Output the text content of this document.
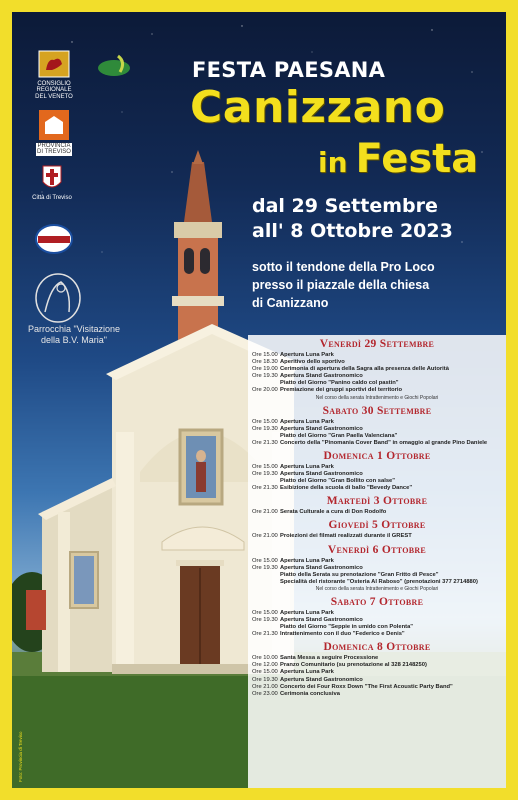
CONSIGLIO REGIONALE DEL VENETO
PROVINCIA DI TREVISO
Città di Treviso
Parrocchia "Visitazione della B.V. Maria"
FESTA PAESANA
Canizzano
in Festa
dal 29 Settembre
all' 8 Ottobre 2023
sotto il tendone della Pro Loco
presso il piazzale della chiesa
di Canizzano
Venerdì 29 Settembre
Ore 15.00 Apertura Luna Park
Ore 18.30 Aperitivo dello sportivo
Ore 19.00 Cerimonia di apertura della Sagra alla presenza delle Autorità
Ore 19.30 Apertura Stand Gastronomico
Piatto del Giorno "Panino caldo col pastin"
Ore 20.00 Premiazione dei gruppi sportivi del territorio
Nel corso della serata Intrattenimento e Giochi Popolari
Sabato 30 Settembre
Ore 15.00 Apertura Luna Park
Ore 19.30 Apertura Stand Gastronomico
Piatto del Giorno "Gran Paella Valenciana"
Ore 21.30 Concerto della "Pinomania Cover Band" in omaggio al grande Pino Daniele
Domenica 1 Ottobre
Ore 15.00 Apertura Luna Park
Ore 19.30 Apertura Stand Gastronomico
Piatto del Giorno "Gran Bollito con salse"
Ore 21.30 Esibizione della scuola di ballo "Bevedy Dance"
Martedì 3 Ottobre
Ore 21.00 Serata Culturale a cura di Don Rodolfo
Giovedì 5 Ottobre
Ore 21.00 Proiezioni dei filmati realizzati durante il GREST
Venerdì 6 Ottobre
Ore 15.00 Apertura Luna Park
Ore 19.30 Apertura Stand Gastronomico
Piatto della Serata su prenotazione "Gran Fritto di Pesce"
Specialità del ristorante "Osteria Al Raboso" (prenotazioni 377 2714880)
Nel corso della serata Intrattenimento e Giochi Popolari
Sabato 7 Ottobre
Ore 15.00 Apertura Luna Park
Ore 19.30 Apertura Stand Gastronomico
Piatto del Giorno "Seppie in umido con Polenta"
Ore 21.30 Intrattenimento con il duo "Federico e Denis"
Domenica 8 Ottobre
Ore 10.00 Santa Messa a seguire Processione
Ore 12.00 Pranzo Comunitario (su prenotazione al 328 2148250)
Ore 15.00 Apertura Luna Park
Ore 19.30 Apertura Stand Gastronomico
Ore 21.00 Concerto dei Four Roxx Down "The First Acoustic Party Band"
Ore 23.00 Cerimonia conclusiva
Foto: Provincia di Treviso
